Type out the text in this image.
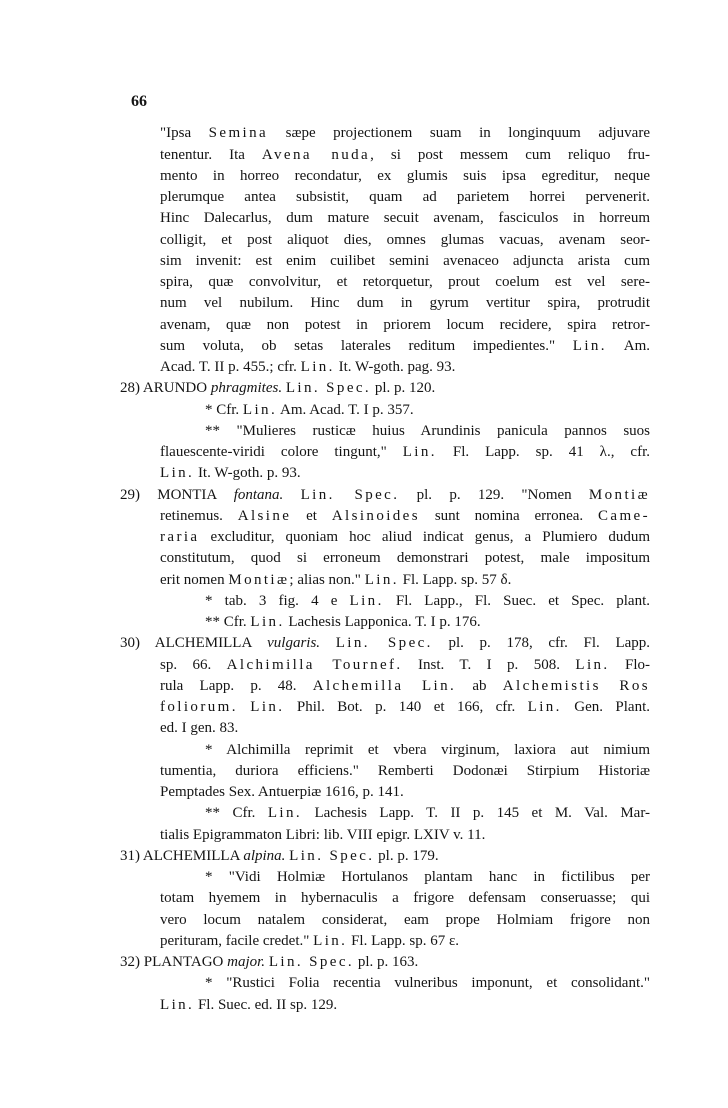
66
"Ipsa Semina sæpe projectionem suam in longinquum adjuvare
tenentur. Ita Avena nuda, si post messem cum reliquo fru-
mento in horreo recondatur, ex glumis suis ipsa egreditur, neque
plerumque antea subsistit, quam ad parietem horrei pervenerit.
Hinc Dalecarlus, dum mature secuit avenam, fasciculos in horreum
colligit, et post aliquot dies, omnes glumas vacuas, avenam seor-
sim invenit: est enim cuilibet semini avenaceo adjuncta arista cum
spira, quæ convolvitur, et retorquetur, prout coelum est vel sere-
num vel nubilum. Hinc dum in gyrum vertitur spira, protrudit
avenam, quæ non potest in priorem locum recidere, spira retror-
sum voluta, ob setas laterales reditum impedientes." Lin. Am.
Acad. T. II p. 455.; cfr. Lin. It. W-goth. pag. 93.
28) ARUNDO phragmites. Lin. Spec. pl. p. 120.
* Cfr. Lin. Am. Acad. T. I p. 357.
** "Mulieres rusticæ huius Arundinis panicula pannos suos
flauescente-viridi colore tingunt," Lin. Fl. Lapp. sp. 41 λ., cfr.
Lin. It. W-goth. p. 93.
29) MONTIA fontana. Lin. Spec. pl. p. 129. "Nomen Montiæ
retinemus. Alsine et Alsinoides sunt nomina erronea. Came-
raria excluditur, quoniam hoc aliud indicat genus, a Plumiero dudum
constitutum, quod si erroneum demonstrari potest, male impositum
erit nomen Montiæ; alias non." Lin. Fl. Lapp. sp. 57 δ.
* tab. 3 fig. 4 e Lin. Fl. Lapp., Fl. Suec. et Spec. plant.
** Cfr. Lin. Lachesis Lapponica. T. I p. 176.
30) ALCHEMILLA vulgaris. Lin. Spec. pl. p. 178, cfr. Fl. Lapp.
sp. 66. Alchimilla Tournef. Inst. T. I p. 508. Lin. Flo-
rula Lapp. p. 48. Alchemilla Lin. ab Alchemistis Ros
foliorum. Lin. Phil. Bot. p. 140 et 166, cfr. Lin. Gen. Plant.
ed. I gen. 83.
* Alchimilla reprimit et vbera virginum, laxiora aut nimium
tumentia, duriora efficiens." Remberti Dodonæi Stirpium Historiæ
Pemptades Sex. Antuerpiæ 1616, p. 141.
** Cfr. Lin. Lachesis Lapp. T. II p. 145 et M. Val. Mar-
tialis Epigrammaton Libri: lib. VIII epigr. LXIV v. 11.
31) ALCHEMILLA alpina. Lin. Spec. pl. p. 179.
* "Vidi Holmiæ Hortulanos plantam hanc in fictilibus per
totam hyemem in hybernaculis a frigore defensam conseruasse; qui
vero locum natalem considerat, eam prope Holmiam frigore non
perituram, facile credet." Lin. Fl. Lapp. sp. 67 ε.
32) PLANTAGO major. Lin. Spec. pl. p. 163.
* "Rustici Folia recentia vulneribus imponunt, et consolidant."
Lin. Fl. Suec. ed. II sp. 129.
